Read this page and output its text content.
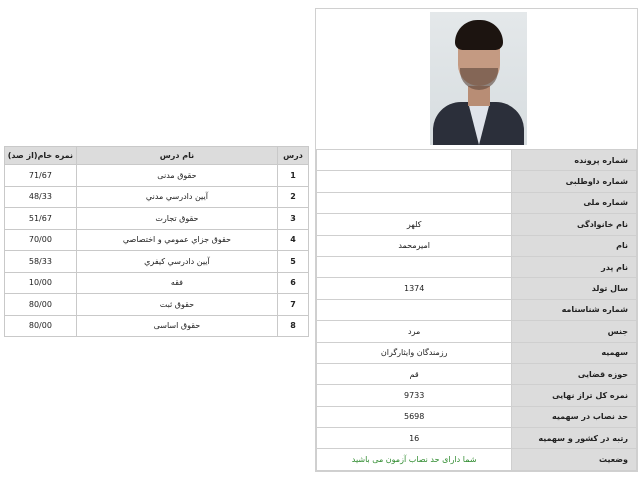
درس	نام درس	نمره خام(از صد)
1	حقوق مدنی	71/67
2	آيين دادرسي مدني	48/33
3	حقوق تجارت	51/67
4	حقوق جزاي عمومي و اختصاصي	70/00
5	آيين دادرسي كيفري	58/33
6	فقه	10/00
7	حقوق ثبت	80/00
8	حقوق اساسی	80/00
شماره پرونده	
شماره داوطلبی	
شماره ملی	
نام خانوادگی	کلهر
نام	امیرمحمد
نام پدر	
سال تولد	1374
شماره شناسنامه	
جنس	مرد
سهمیه	رزمندگان وایثارگران
حوزه قضایی	قم
نمره کل تراز نهایی	9733
حد نصاب در سهمیه	5698
رتبه در کشور و سهمیه	16
وضعیت	شما دارای حد نصاب آزمون می باشید
